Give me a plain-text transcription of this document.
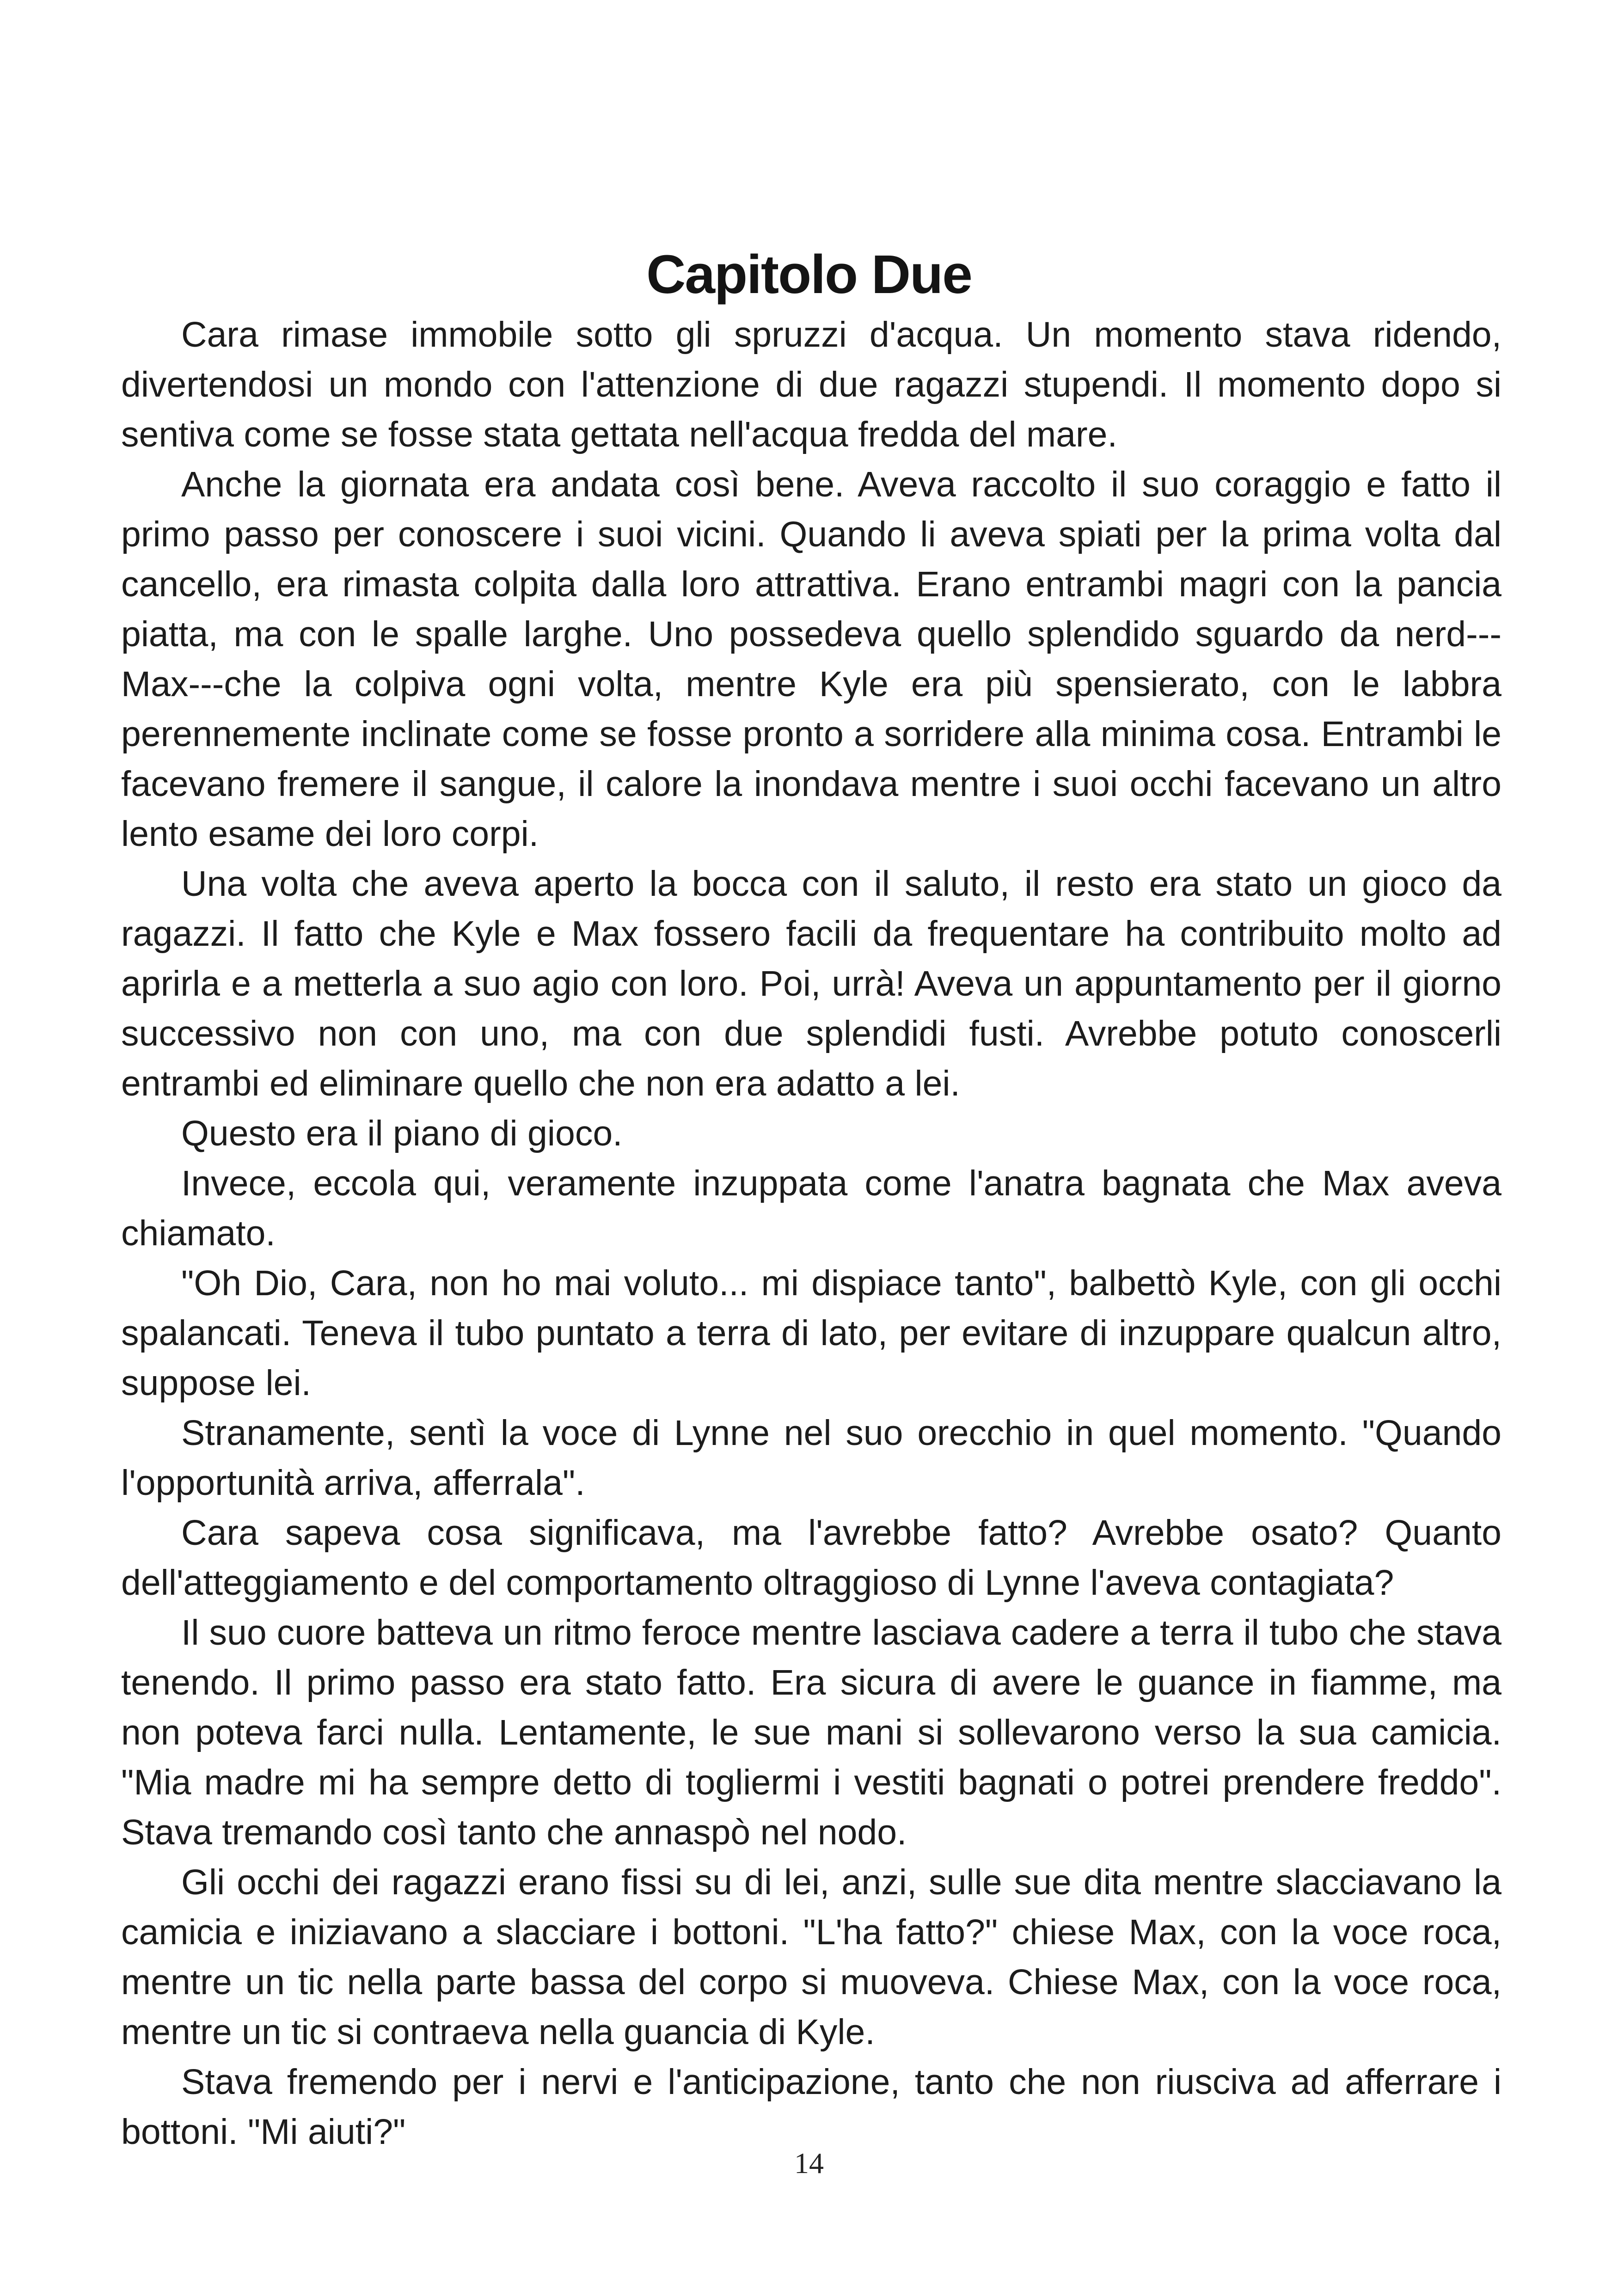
Capitolo Due

Cara rimase immobile sotto gli spruzzi d'acqua. Un momento stava ridendo, divertendosi un mondo con l'attenzione di due ragazzi stupendi. Il momento dopo si sentiva come se fosse stata gettata nell'acqua fredda del mare.

Anche la giornata era andata così bene. Aveva raccolto il suo coraggio e fatto il primo passo per conoscere i suoi vicini. Quando li aveva spiati per la prima volta dal cancello, era rimasta colpita dalla loro attrattiva. Erano entrambi magri con la pancia piatta, ma con le spalle larghe. Uno possedeva quello splendido sguardo da nerd---Max---che la colpiva ogni volta, mentre Kyle era più spensierato, con le labbra perennemente inclinate come se fosse pronto a sorridere alla minima cosa. Entrambi le facevano fremere il sangue, il calore la inondava mentre i suoi occhi facevano un altro lento esame dei loro corpi.

Una volta che aveva aperto la bocca con il saluto, il resto era stato un gioco da ragazzi. Il fatto che Kyle e Max fossero facili da frequentare ha contribuito molto ad aprirla e a metterla a suo agio con loro. Poi, urrà! Aveva un appuntamento per il giorno successivo non con uno, ma con due splendidi fusti. Avrebbe potuto conoscerli entrambi ed eliminare quello che non era adatto a lei.

Questo era il piano di gioco.

Invece, eccola qui, veramente inzuppata come l'anatra bagnata che Max aveva chiamato.

"Oh Dio, Cara, non ho mai voluto... mi dispiace tanto", balbettò Kyle, con gli occhi spalancati. Teneva il tubo puntato a terra di lato, per evitare di inzuppare qualcun altro, suppose lei.

Stranamente, sentì la voce di Lynne nel suo orecchio in quel momento. "Quando l'opportunità arriva, afferrala".

Cara sapeva cosa significava, ma l'avrebbe fatto? Avrebbe osato? Quanto dell'atteggiamento e del comportamento oltraggioso di Lynne l'aveva contagiata?

Il suo cuore batteva un ritmo feroce mentre lasciava cadere a terra il tubo che stava tenendo. Il primo passo era stato fatto. Era sicura di avere le guance in fiamme, ma non poteva farci nulla. Lentamente, le sue mani si sollevarono verso la sua camicia. "Mia madre mi ha sempre detto di togliermi i vestiti bagnati o potrei prendere freddo". Stava tremando così tanto che annaspò nel nodo.

Gli occhi dei ragazzi erano fissi su di lei, anzi, sulle sue dita mentre slacciavano la camicia e iniziavano a slacciare i bottoni. "L'ha fatto?" chiese Max, con la voce roca, mentre un tic nella parte bassa del corpo si muoveva. Chiese Max, con la voce roca, mentre un tic si contraeva nella guancia di Kyle.

Stava fremendo per i nervi e l'anticipazione, tanto che non riusciva ad afferrare i bottoni. "Mi aiuti?"

14
